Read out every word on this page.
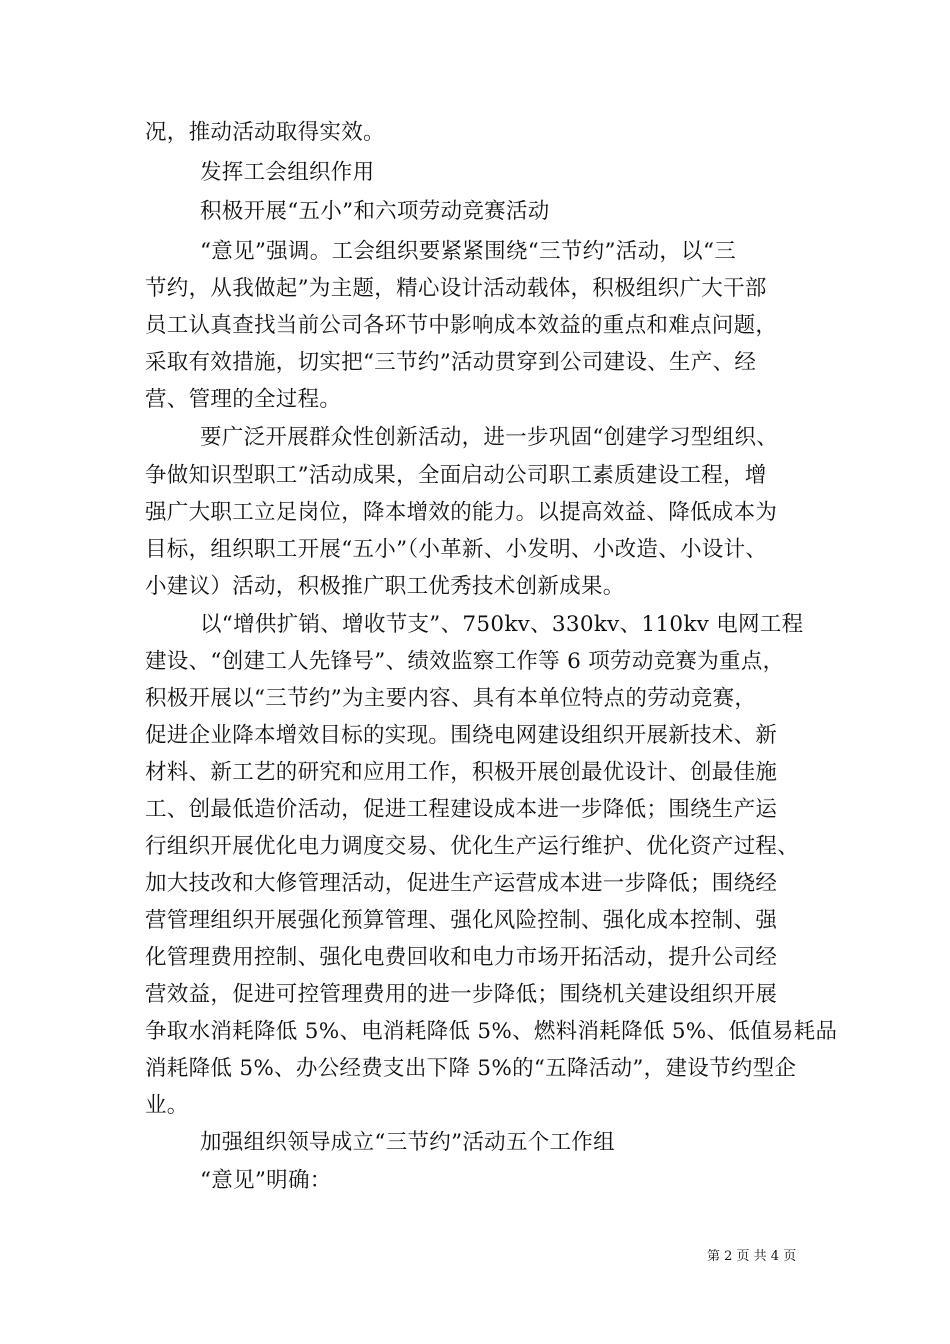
况，推动活动取得实效。
发挥工会组织作用
积极开展“五小”和六项劳动竞赛活动
“意见”强调。工会组织要紧紧围绕“三节约”活动，以“三
节约，从我做起”为主题，精心设计活动载体，积极组织广大干部
员工认真查找当前公司各环节中影响成本效益的重点和难点问题，
采取有效措施，切实把“三节约”活动贯穿到公司建设、生产、经
营、管理的全过程。
要广泛开展群众性创新活动，进一步巩固“创建学习型组织、
争做知识型职工”活动成果，全面启动公司职工素质建设工程，增
强广大职工立足岗位，降本增效的能力。以提高效益、降低成本为
目标，组织职工开展“五小”（小革新、小发明、小改造、小设计、
小建议）活动，积极推广职工优秀技术创新成果。
以“增供扩销、增收节支”、750kv、330kv、110kv 电网工程
建设、“创建工人先锋号”、绩效监察工作等 6 项劳动竞赛为重点，
积极开展以“三节约”为主要内容、具有本单位特点的劳动竞赛，
促进企业降本增效目标的实现。围绕电网建设组织开展新技术、新
材料、新工艺的研究和应用工作，积极开展创最优设计、创最佳施
工、创最低造价活动，促进工程建设成本进一步降低；围绕生产运
行组织开展优化电力调度交易、优化生产运行维护、优化资产过程、
加大技改和大修管理活动，促进生产运营成本进一步降低；围绕经
营管理组织开展强化预算管理、强化风险控制、强化成本控制、强
化管理费用控制、强化电费回收和电力市场开拓活动，提升公司经
营效益，促进可控管理费用的进一步降低；围绕机关建设组织开展
争取水消耗降低 5%、电消耗降低 5%、燃料消耗降低 5%、低值易耗品
消耗降低 5%、办公经费支出下降 5%的“五降活动”，建设节约型企
业。
加强组织领导成立“三节约”活动五个工作组
“意见”明确：
第 2 页 共 4 页
